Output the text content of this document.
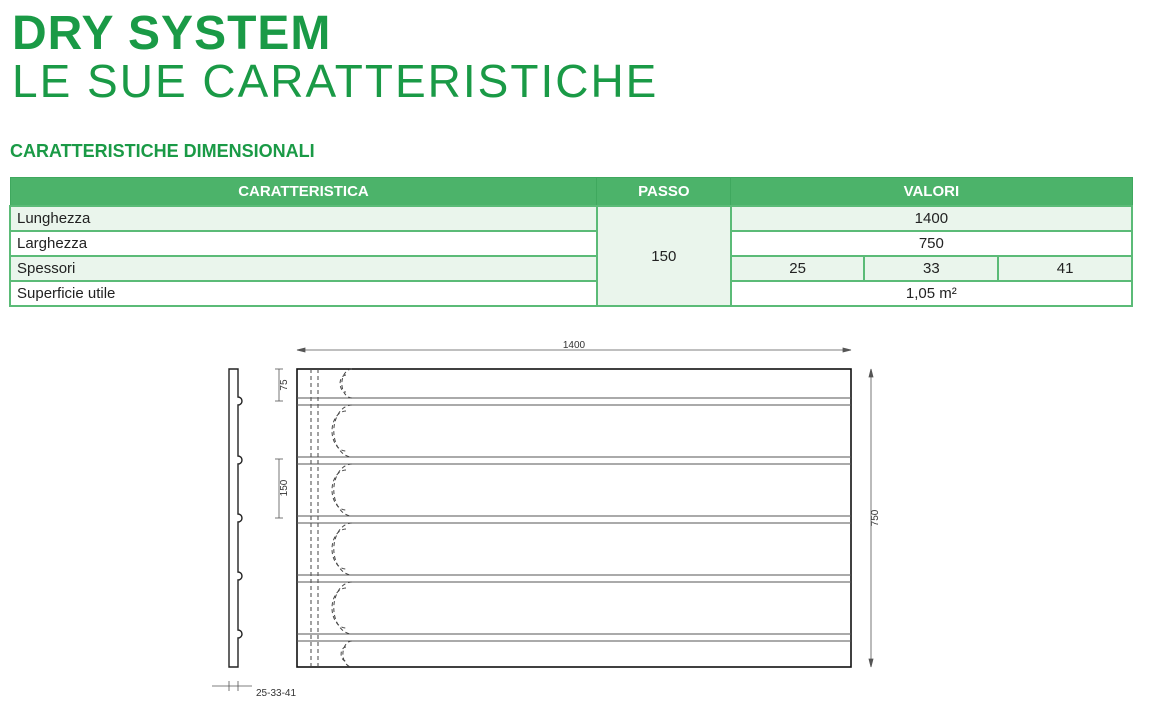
DRY SYSTEM
LE SUE CARATTERISTICHE
CARATTERISTICHE DIMENSIONALI
CARATTERISTICA	PASSO	VALORI		
Lunghezza	150	1400		
Larghezza		750		
Spessori		25	33	41
Superficie utile		1,05 m²		
1400
750
75
150
25-33-41
